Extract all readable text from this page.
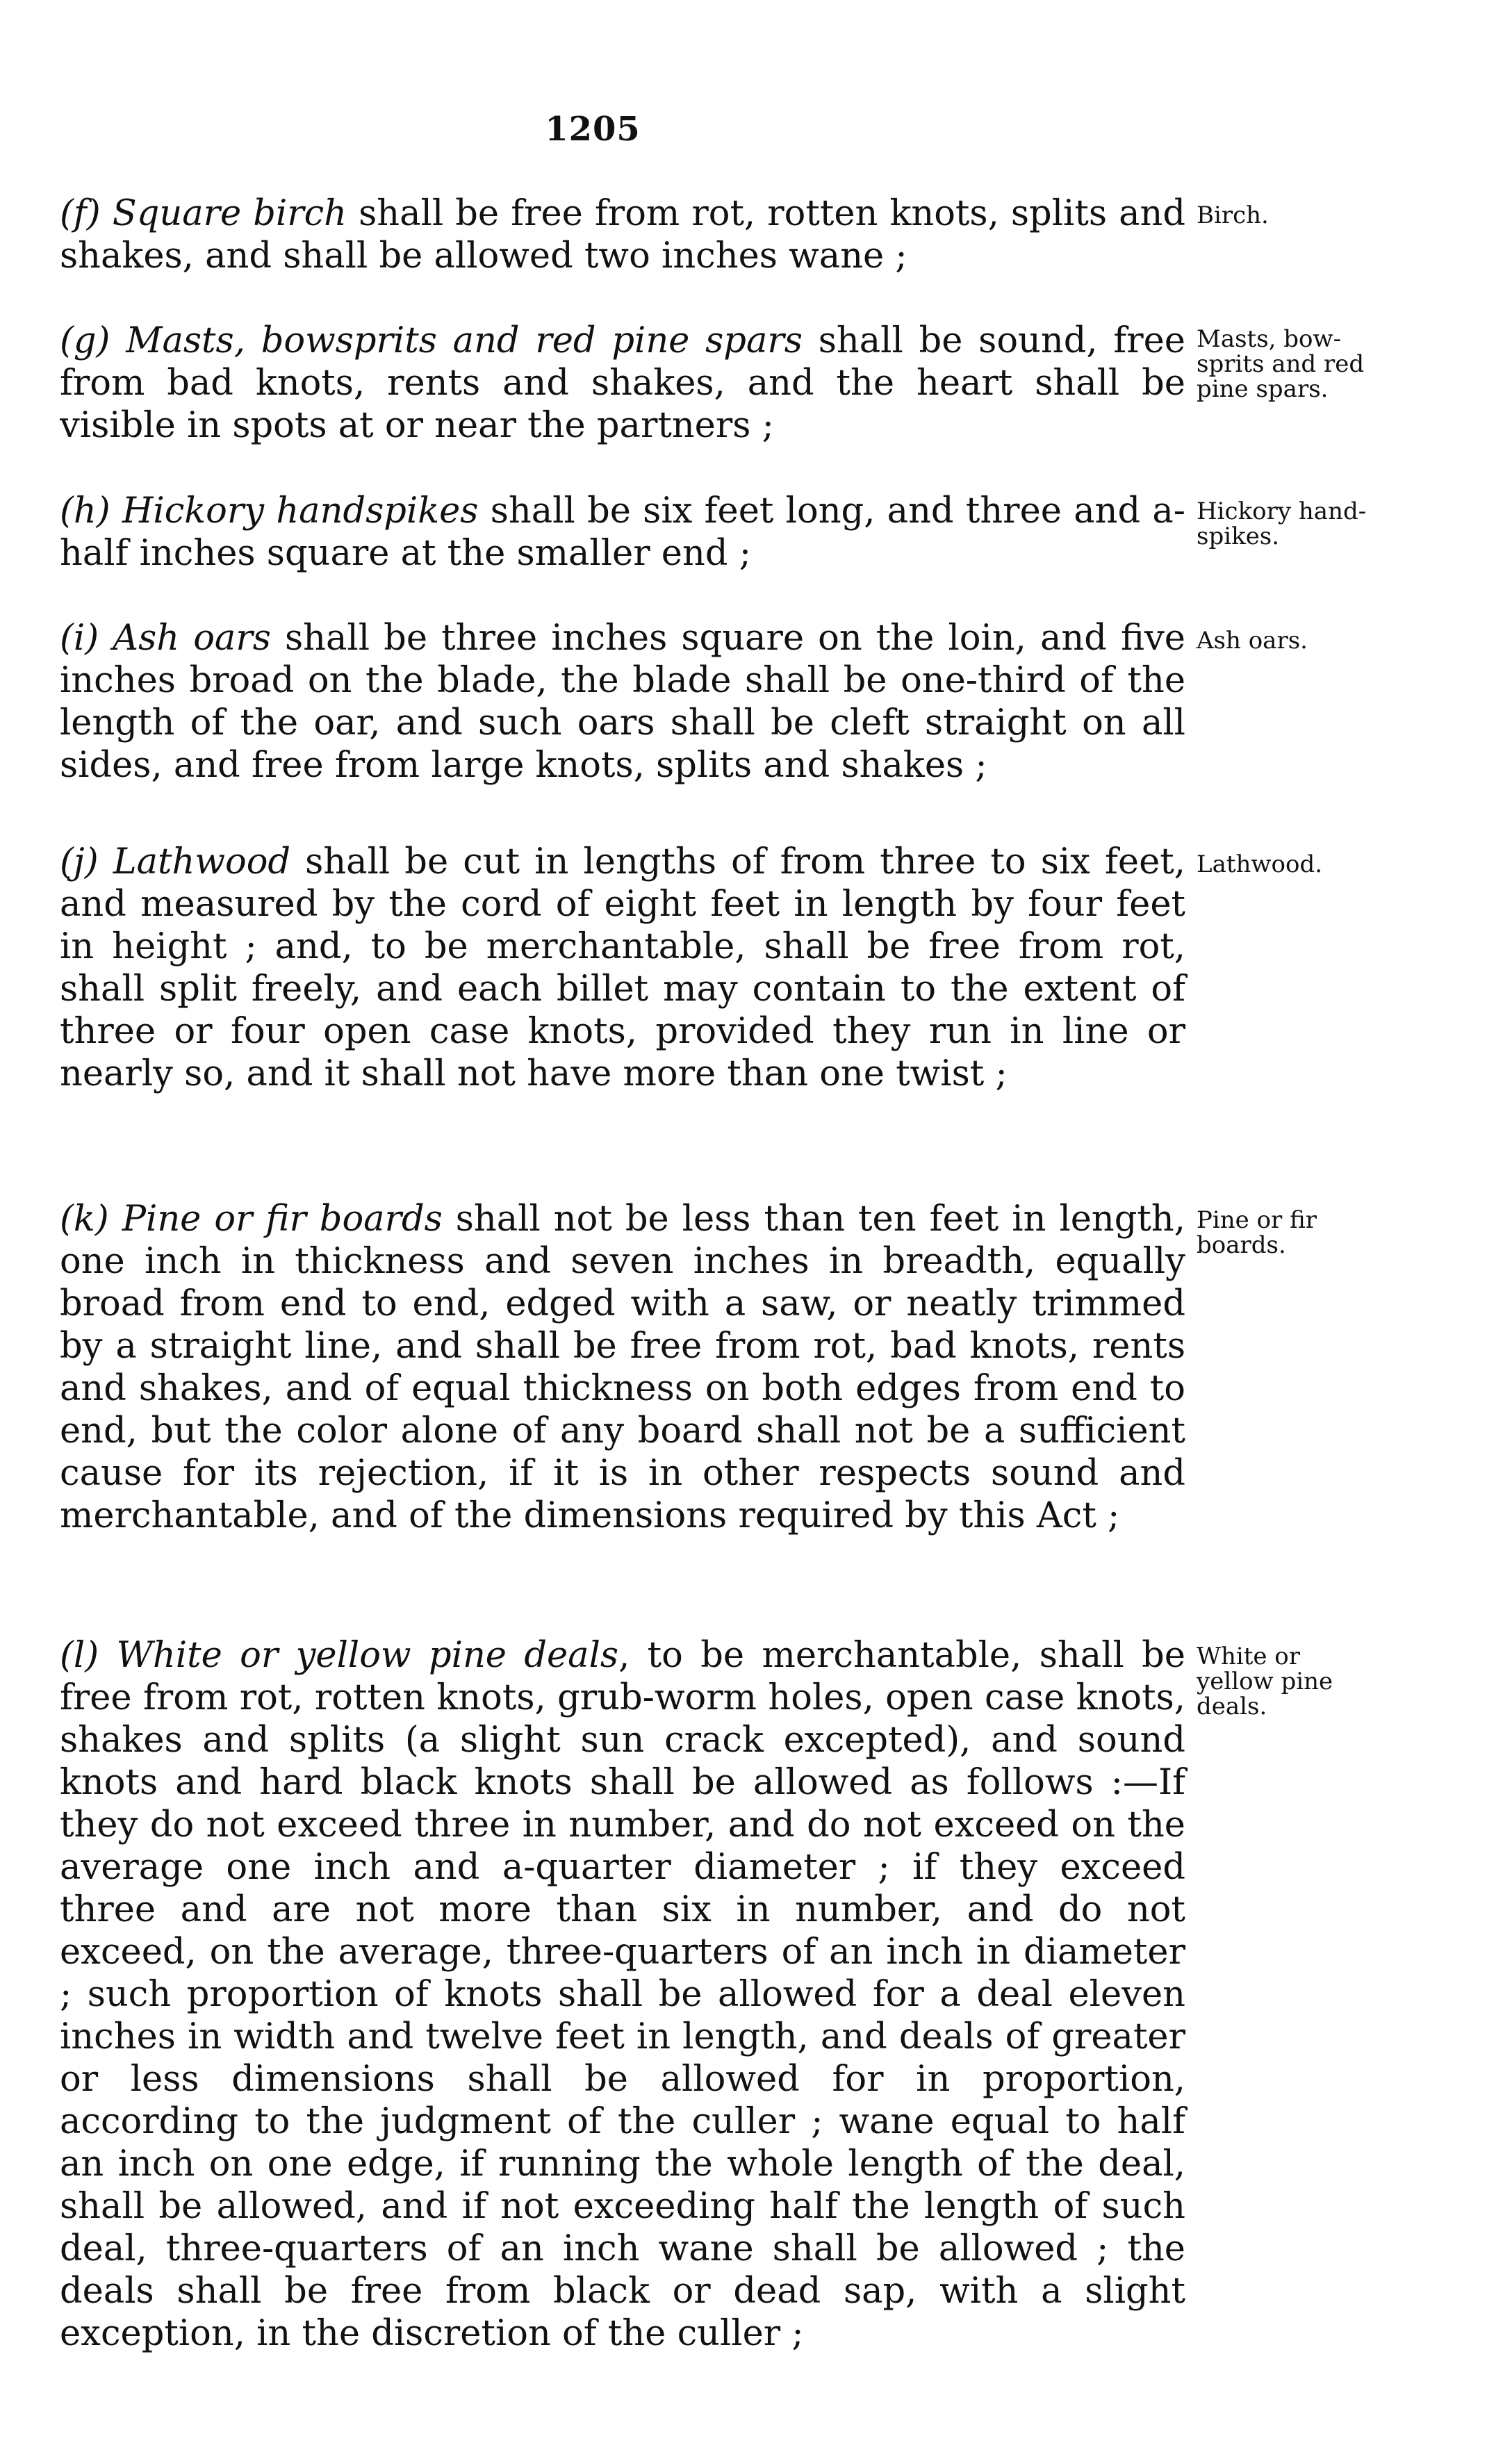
1205

(f) Square birch shall be free from rot, rotten knots, splits and shakes, and shall be allowed two inches wane ;

Birch.

(g) Masts, bowsprits and red pine spars shall be sound, free from bad knots, rents and shakes, and the heart shall be visible in spots at or near the partners ;

Masts, bow- sprits and red pine spars.

(h) Hickory handspikes shall be six feet long, and three and a-half inches square at the smaller end ;

Hickory hand- spikes.

(i) Ash oars shall be three inches square on the loin, and five inches broad on the blade, the blade shall be one-third of the length of the oar, and such oars shall be cleft straight on all sides, and free from large knots, splits and shakes ;

Ash oars.

(j) Lathwood shall be cut in lengths of from three to six feet, and measured by the cord of eight feet in length by four feet in height ; and, to be merchantable, shall be free from rot, shall split freely, and each billet may contain to the extent of three or four open case knots, provided they run in line or nearly so, and it shall not have more than one twist ;

Lathwood.

(k) Pine or fir boards shall not be less than ten feet in length, one inch in thickness and seven inches in breadth, equally broad from end to end, edged with a saw, or neatly trimmed by a straight line, and shall be free from rot, bad knots, rents and shakes, and of equal thickness on both edges from end to end, but the color alone of any board shall not be a sufficient cause for its rejection, if it is in other respects sound and merchantable, and of the dimensions required by this Act ;

Pine or fir boards.

(l) White or yellow pine deals, to be merchantable, shall be free from rot, rotten knots, grub-worm holes, open case knots, shakes and splits (a slight sun crack excepted), and sound knots and hard black knots shall be allowed as follows :—If they do not exceed three in number, and do not exceed on the average one inch and a-quarter diameter ; if they exceed three and are not more than six in number, and do not exceed, on the average, three-quarters of an inch in diameter ; such proportion of knots shall be allowed for a deal eleven inches in width and twelve feet in length, and deals of greater or less dimensions shall be allowed for in proportion, according to the judgment of the culler ; wane equal to half an inch on one edge, if running the whole length of the deal, shall be allowed, and if not exceeding half the length of such deal, three-quarters of an inch wane shall be allowed ; the deals shall be free from black or dead sap, with a slight exception, in the discretion of the culler ;

White or yellow pine deals.
